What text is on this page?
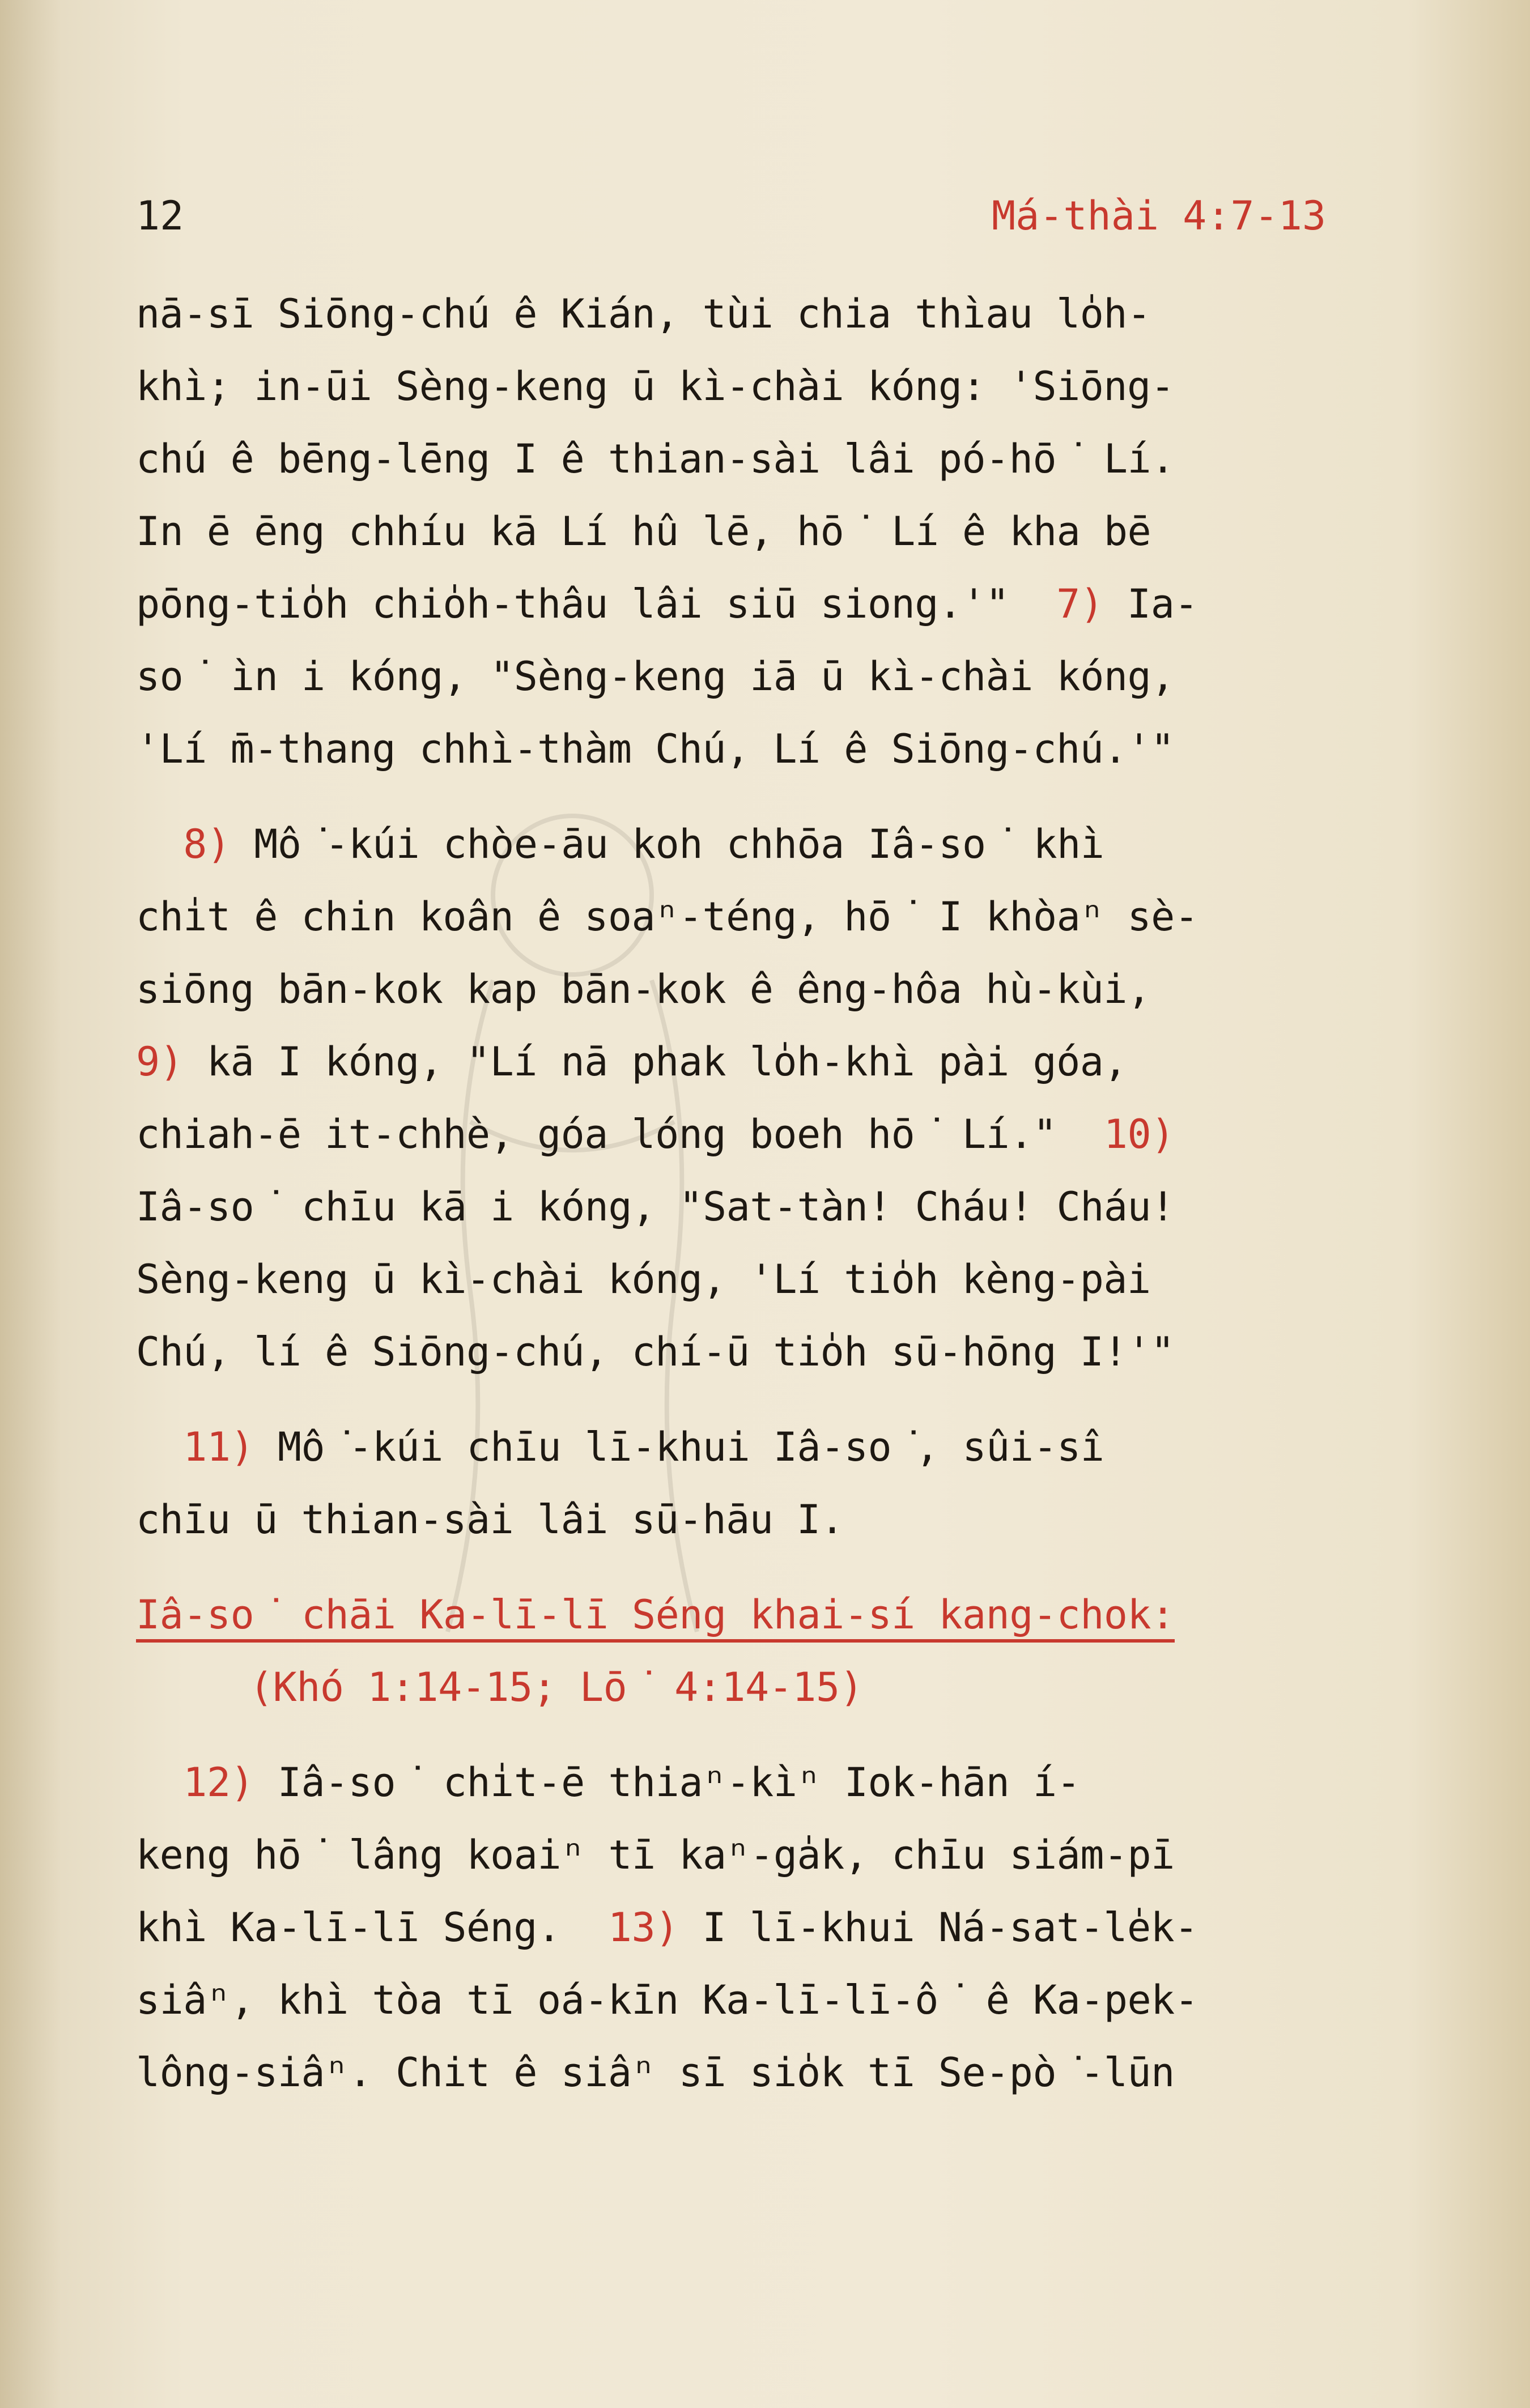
12	Má-thài 4:7-13
nā-sī Siōng-chú ê Kián, tùi chia thìau lo̍h-
khì; in-ūi Sèng-keng ū kì-chài kóng: 'Siōng-
chú ê bēng-lēng I ê thian-sài lâi pó-hō͘ Lí.
In ē ēng chhíu kā Lí hû lē, hō͘ Lí ê kha bē
pōng-tio̍h chio̍h-thâu lâi siū siong.'" 7) Ia-
so͘ ìn i kóng, "Sèng-keng iā ū kì-chài kóng,
'Lí m̄-thang chhì-thàm Chú, Lí ê Siōng-chú.'"
8) Mô͘-kúi chòe-āu koh chhōa Iâ-so͘ khì
chi̍t ê chin koân ê soaⁿ-téng, hō͘ I khòaⁿ sè-
siōng bān-kok kap bān-kok ê êng-hôa hù-kùi,
9) kā I kóng, "Lí nā phak lo̍h-khì pài góa,
chiah-ē it-chhè, góa lóng boeh hō͘ Lí."  10)
Iâ-so͘ chīu kā i kóng, "Sat-tàn! Cháu! Cháu!
Sèng-keng ū kì-chài kóng, 'Lí tio̍h kèng-pài
Chú, lí ê Siōng-chú, chí-ū tio̍h sū-hōng I!'"
11) Mô͘-kúi chīu lī-khui Iâ-so͘, sûi-sî
chīu ū thian-sài lâi sū-hāu I.
Iâ-so͘ chāi Ka-lī-lī Séng khai-sí kang-chok:
(Khó 1:14-15; Lō͘ 4:14-15)
12) Iâ-so͘ chi̍t-ē thiaⁿ-kìⁿ Iok-hān í-
keng hō͘ lâng koaiⁿ tī kaⁿ-ga̍k, chīu siám-pī
khì Ka-lī-lī Séng.  13) I lī-khui Ná-sat-le̍k-
siâⁿ, khì tòa tī oá-kīn Ka-lī-lī-ô͘ ê Ka-pek-
lông-siâⁿ. Chit ê siâⁿ sī sio̍k tī Se-pò͘-lūn
